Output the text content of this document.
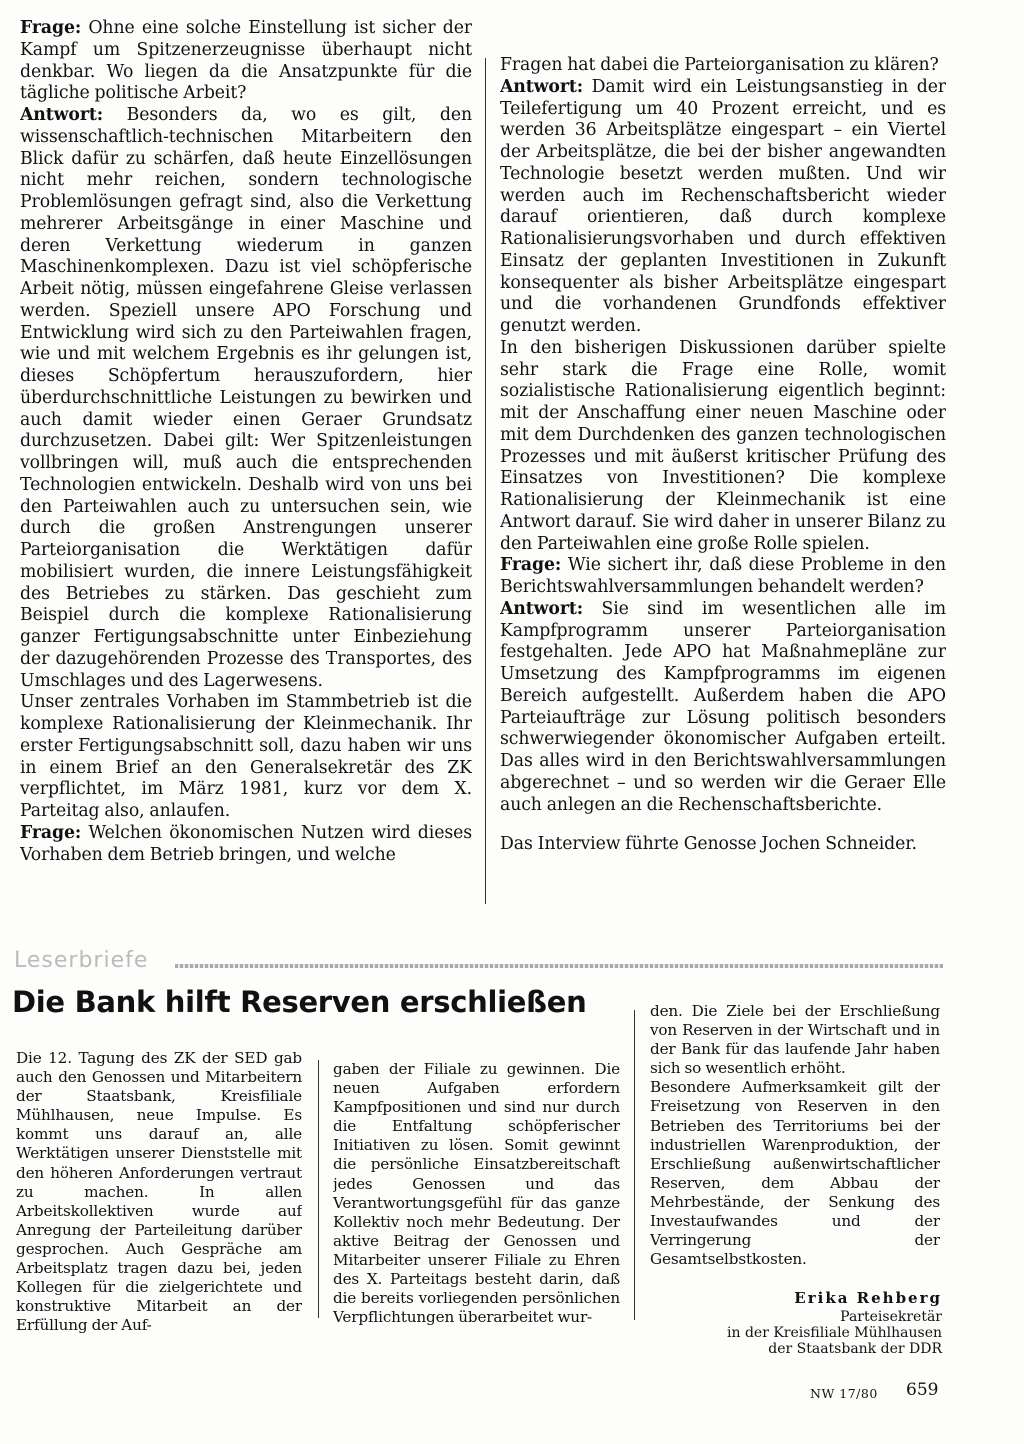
Frage: Ohne eine solche Einstellung ist sicher der Kampf um Spitzenerzeugnisse überhaupt nicht denkbar. Wo liegen da die Ansatzpunkte für die tägliche politische Arbeit?

Antwort: Besonders da, wo es gilt, den wissenschaftlich-technischen Mitarbeitern den Blick dafür zu schärfen, daß heute Einzellösungen nicht mehr reichen, sondern technologische Problemlösungen gefragt sind, also die Verkettung mehrerer Arbeitsgänge in einer Maschine und deren Verkettung wiederum in ganzen Maschinenkomplexen. Dazu ist viel schöpferische Arbeit nötig, müssen eingefahrene Gleise verlassen werden. Speziell unsere APO Forschung und Entwicklung wird sich zu den Parteiwahlen fragen, wie und mit welchem Ergebnis es ihr gelungen ist, dieses Schöpfertum herauszufordern, hier überdurchschnittliche Leistungen zu bewirken und auch damit wieder einen Geraer Grundsatz durchzusetzen. Dabei gilt: Wer Spitzenleistungen vollbringen will, muß auch die entsprechenden Technologien entwickeln. Deshalb wird von uns bei den Parteiwahlen auch zu untersuchen sein, wie durch die großen Anstrengungen unserer Parteiorganisation die Werktätigen dafür mobilisiert wurden, die innere Leistungsfähigkeit des Betriebes zu stärken. Das geschieht zum Beispiel durch die komplexe Rationalisierung ganzer Fertigungsabschnitte unter Einbeziehung der dazugehörenden Prozesse des Transportes, des Umschlages und des Lagerwesens.

Unser zentrales Vorhaben im Stammbetrieb ist die komplexe Rationalisierung der Kleinmechanik. Ihr erster Fertigungsabschnitt soll, dazu haben wir uns in einem Brief an den Generalsekretär des ZK verpflichtet, im März 1981, kurz vor dem X. Parteitag also, anlaufen.

Frage: Welchen ökonomischen Nutzen wird dieses Vorhaben dem Betrieb bringen, und welche

Fragen hat dabei die Parteiorganisation zu klären?

Antwort: Damit wird ein Leistungsanstieg in der Teilefertigung um 40 Prozent erreicht, und es werden 36 Arbeitsplätze eingespart – ein Viertel der Arbeitsplätze, die bei der bisher angewandten Technologie besetzt werden mußten. Und wir werden auch im Rechenschaftsbericht wieder darauf orientieren, daß durch komplexe Rationalisierungsvorhaben und durch effektiven Einsatz der geplanten Investitionen in Zukunft konsequenter als bisher Arbeitsplätze eingespart und die vorhandenen Grundfonds effektiver genutzt werden.

In den bisherigen Diskussionen darüber spielte sehr stark die Frage eine Rolle, womit sozialistische Rationalisierung eigentlich beginnt: mit der Anschaffung einer neuen Maschine oder mit dem Durchdenken des ganzen technologischen Prozesses und mit äußerst kritischer Prüfung des Einsatzes von Investitionen? Die komplexe Rationalisierung der Kleinmechanik ist eine Antwort darauf. Sie wird daher in unserer Bilanz zu den Parteiwahlen eine große Rolle spielen.

Frage: Wie sichert ihr, daß diese Probleme in den Berichtswahlversammlungen behandelt werden?

Antwort: Sie sind im wesentlichen alle im Kampfprogramm unserer Parteiorganisation festgehalten. Jede APO hat Maßnahmepläne zur Umsetzung des Kampfprogramms im eigenen Bereich aufgestellt. Außerdem haben die APO Parteiaufträge zur Lösung politisch besonders schwerwiegender ökonomischer Aufgaben erteilt. Das alles wird in den Berichtswahlversammlungen abgerechnet – und so werden wir die Geraer Elle auch anlegen an die Rechenschaftsberichte.

Das Interview führte Genosse Jochen Schneider.

Leserbriefe
Die Bank hilft Reserven erschließen

Die 12. Tagung des ZK der SED gab auch den Genossen und Mitarbeitern der Staatsbank, Kreisfiliale Mühlhausen, neue Impulse. Es kommt uns darauf an, alle Werktätigen unserer Dienststelle mit den höheren Anforderungen vertraut zu machen. In allen Arbeitskollektiven wurde auf Anregung der Parteileitung darüber gesprochen. Auch Gespräche am Arbeitsplatz tragen dazu bei, jeden Kollegen für die zielgerichtete und konstruktive Mitarbeit an der Erfüllung der Auf-

gaben der Filiale zu gewinnen. Die neuen Aufgaben erfordern Kampfpositionen und sind nur durch die Entfaltung schöpferischer Initiativen zu lösen. Somit gewinnt die persönliche Einsatzbereitschaft jedes Genossen und das Verantwortungsgefühl für das ganze Kollektiv noch mehr Bedeutung. Der aktive Beitrag der Genossen und Mitarbeiter unserer Filiale zu Ehren des X. Parteitags besteht darin, daß die bereits vorliegenden persönlichen Verpflichtungen überarbeitet wur-

den. Die Ziele bei der Erschließung von Reserven in der Wirtschaft und in der Bank für das laufende Jahr haben sich so wesentlich erhöht.

Besondere Aufmerksamkeit gilt der Freisetzung von Reserven in den Betrieben des Territoriums bei der industriellen Warenproduktion, der Erschließung außenwirtschaftlicher Reserven, dem Abbau der Mehrbestände, der Senkung des Investaufwandes und der Verringerung der Gesamtselbstkosten.

Erika Rehberg
Parteisekretär
in der Kreisfiliale Mühlhausen
der Staatsbank der DDR
NW 17/80 659
